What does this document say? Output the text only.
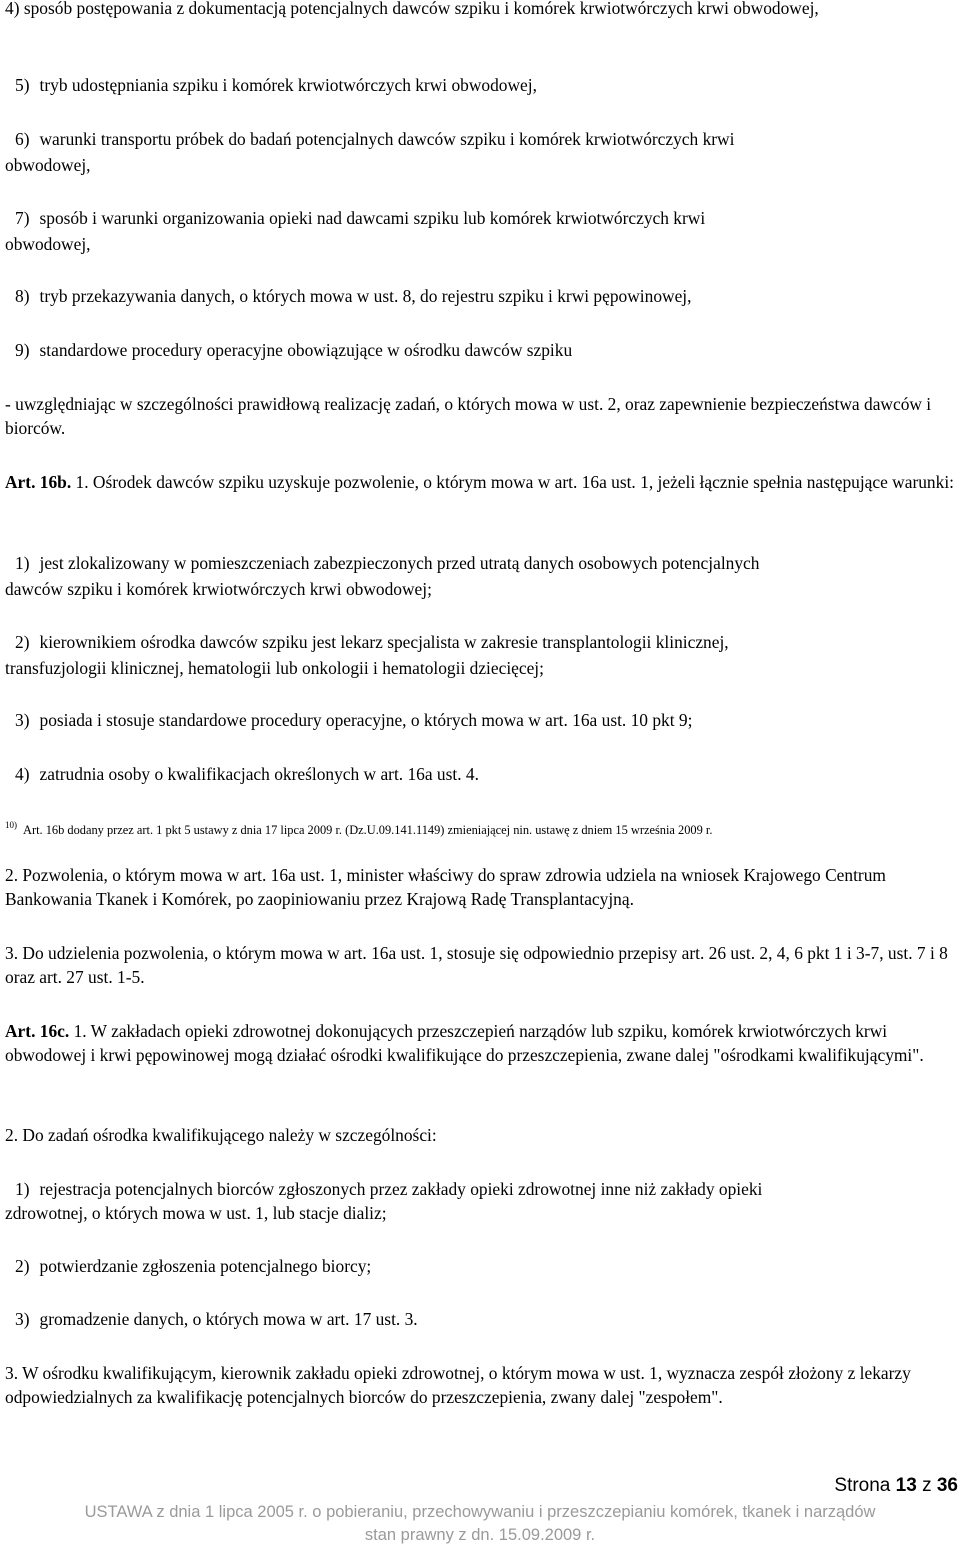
4) sposób postępowania z dokumentacją potencjalnych dawców szpiku i komórek krwiotwórczych krwi obwodowej,
5) tryb udostępniania szpiku i komórek krwiotwórczych krwi obwodowej,
6) warunki transportu próbek do badań potencjalnych dawców szpiku i komórek krwiotwórczych krwi
obwodowej,
7) sposób i warunki organizowania opieki nad dawcami szpiku lub komórek krwiotwórczych krwi
obwodowej,
8) tryb przekazywania danych, o których mowa w ust. 8, do rejestru szpiku i krwi pępowinowej,
9) standardowe procedury operacyjne obowiązujące w ośrodku dawców szpiku
- uwzględniając w szczególności prawidłową realizację zadań, o których mowa w ust. 2, oraz zapewnienie bezpieczeństwa dawców i biorców.
Art. 16b. 1. Ośrodek dawców szpiku uzyskuje pozwolenie, o którym mowa w art. 16a ust. 1, jeżeli łącznie spełnia następujące warunki:
1) jest zlokalizowany w pomieszczeniach zabezpieczonych przed utratą danych osobowych potencjalnych
dawców szpiku i komórek krwiotwórczych krwi obwodowej;
2) kierownikiem ośrodka dawców szpiku jest lekarz specjalista w zakresie transplantologii klinicznej,
transfuzjologii klinicznej, hematologii lub onkologii i hematologii dziecięcej;
3) posiada i stosuje standardowe procedury operacyjne, o których mowa w art. 16a ust. 10 pkt 9;
4) zatrudnia osoby o kwalifikacjach określonych w art. 16a ust. 4.
$^{10)}$ Art. 16b dodany przez art. 1 pkt 5 ustawy z dnia 17 lipca 2009 r. (Dz.U.09.141.1149) zmieniającej nin. ustawę z dniem 15 września 2009 r.
2. Pozwolenia, o którym mowa w art. 16a ust. 1, minister właściwy do spraw zdrowia udziela na wniosek Krajowego Centrum Bankowania Tkanek i Komórek, po zaopiniowaniu przez Krajową Radę Transplantacyjną.
3. Do udzielenia pozwolenia, o którym mowa w art. 16a ust. 1, stosuje się odpowiednio przepisy art. 26 ust. 2, 4, 6 pkt 1 i 3-7, ust. 7 i 8 oraz art. 27 ust. 1-5.
Art. 16c. 1. W zakładach opieki zdrowotnej dokonujących przeszczepień narządów lub szpiku, komórek krwiotwórczych krwi obwodowej i krwi pępowinowej mogą działać ośrodki kwalifikujące do przeszczepienia, zwane dalej "ośrodkami kwalifikującymi".
2. Do zadań ośrodka kwalifikującego należy w szczególności:
1) rejestracja potencjalnych biorców zgłoszonych przez zakłady opieki zdrowotnej inne niż zakłady opieki
zdrowotnej, o których mowa w ust. 1, lub stacje dializ;
2) potwierdzanie zgłoszenia potencjalnego biorcy;
3) gromadzenie danych, o których mowa w art. 17 ust. 3.
3. W ośrodku kwalifikującym, kierownik zakładu opieki zdrowotnej, o którym mowa w ust. 1, wyznacza zespół złożony z lekarzy odpowiedzialnych za kwalifikację potencjalnych biorców do przeszczepienia, zwany dalej "zespołem".
Strona 13 z 36
USTAWA z dnia 1 lipca 2005 r. o pobieraniu, przechowywaniu i przeszczepianiu komórek, tkanek i narządów
stan prawny z dn. 15.09.2009 r.
